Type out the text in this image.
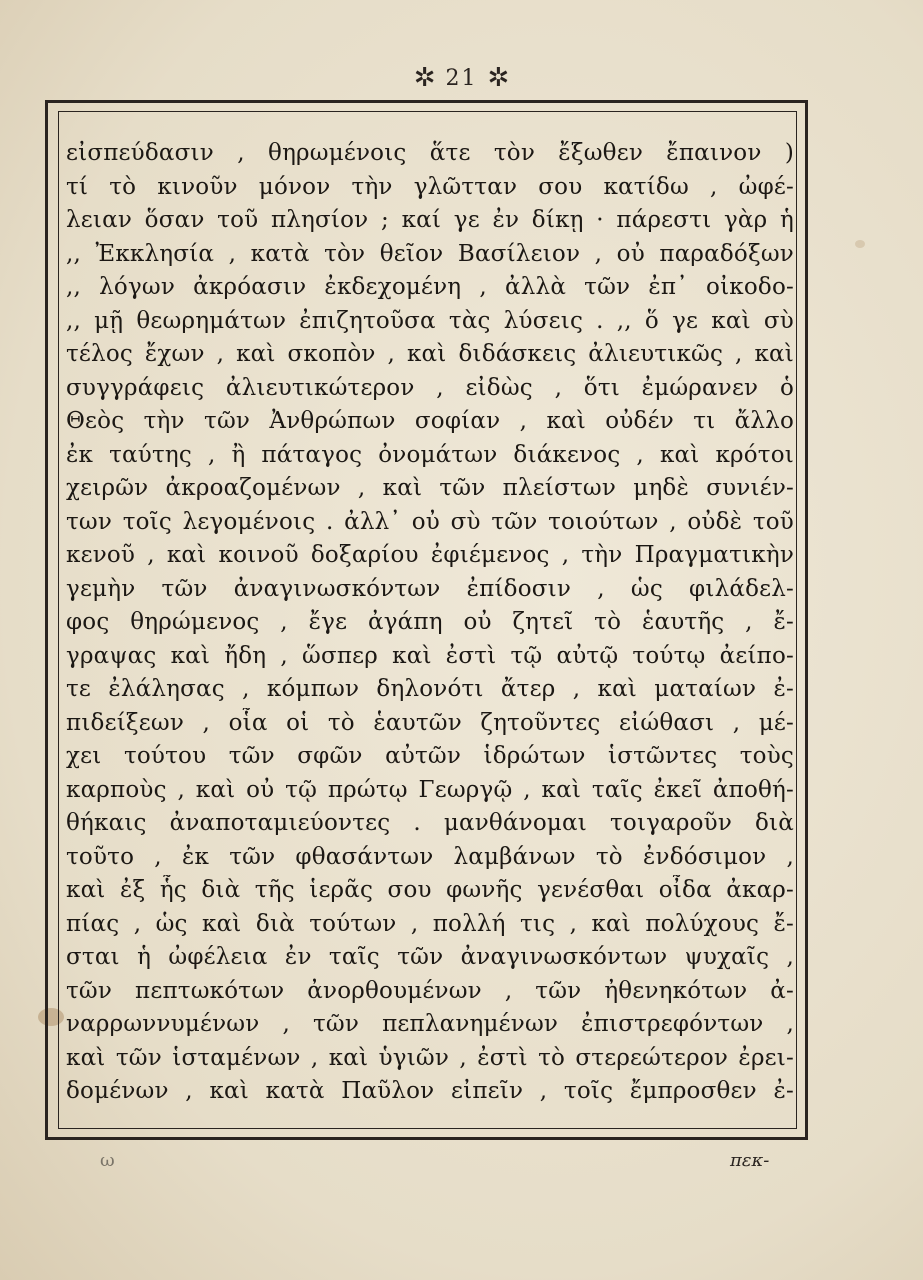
✲ 21 ✲
εἰσπεύδασιν , θηρωμένοις ἅτε τὸν ἔξωθεν ἔπαινον )
τί τὸ κινοῦν μόνον τὴν γλῶτταν σου κατίδω , ὠφέ-
λειαν ὅσαν τοῦ πλησίον ; καί γε ἐν δίκῃ · πάρεστι γὰρ ἡ
,, Ἐκκλησία , κατὰ τὸν θεῖον Βασίλειον , οὐ παραδόξων
,, λόγων ἀκρόασιν ἐκδεχομένη , ἀλλὰ τῶν ἐπ᾽ οἰκοδο-
,, μῇ θεωρημάτων ἐπιζητοῦσα τὰς λύσεις . ,, ὅ γε καὶ σὺ
τέλος ἔχων , καὶ σκοπὸν , καὶ διδάσκεις ἀλιευτικῶς , καὶ
συγγράφεις ἀλιευτικώτερον , εἰδὼς , ὅτι ἐμώρανεν ὁ
Θεὸς τὴν τῶν Ἀνθρώπων σοφίαν , καὶ οὐδέν τι ἄλλο
ἐκ ταύτης , ἢ πάταγος ὀνομάτων διάκενος , καὶ κρότοι
χειρῶν ἀκροαζομένων , καὶ τῶν πλείστων μηδὲ συνιέν-
των τοῖς λεγομένοις . ἀλλ᾽ οὐ σὺ τῶν τοιούτων , οὐδὲ τοῦ
κενοῦ , καὶ κοινοῦ δοξαρίου ἐφιέμενος , τὴν Πραγματικὴν
γεμὴν τῶν ἀναγινωσκόντων ἐπίδοσιν , ὡς φιλάδελ-
φος θηρώμενος , ἔγε ἀγάπη οὐ ζητεῖ τὸ ἑαυτῆς , ἔ-
γραψας καὶ ἤδη , ὥσπερ καὶ ἐστὶ τῷ αὐτῷ τούτῳ ἀείπο-
τε ἐλάλησας , κόμπων δηλονότι ἄτερ , καὶ ματαίων ἐ-
πιδείξεων , οἷα οἱ τὸ ἑαυτῶν ζητοῦντες εἰώθασι , μέ-
χει τούτου τῶν σφῶν αὐτῶν ἱδρώτων ἱστῶντες τοὺς
καρποὺς , καὶ οὐ τῷ πρώτῳ Γεωργῷ , καὶ ταῖς ἐκεῖ ἀποθή-
θήκαις ἀναποταμιεύοντες . μανθάνομαι τοιγαροῦν διὰ
τοῦτο , ἐκ τῶν φθασάντων λαμβάνων τὸ ἐνδόσιμον ,
καὶ ἐξ ἧς διὰ τῆς ἱερᾶς σου φωνῆς γενέσθαι οἶδα ἀκαρ-
πίας , ὡς καὶ διὰ τούτων , πολλή τις , καὶ πολύχους ἔ-
σται ἡ ὠφέλεια ἐν ταῖς τῶν ἀναγινωσκόντων ψυχαῖς ,
τῶν πεπτωκότων ἀνορθουμένων , τῶν ἠθενηκότων ἀ-
ναρρωννυμένων , τῶν πεπλανημένων ἐπιστρεφόντων ,
καὶ τῶν ἱσταμένων , καὶ ὑγιῶν , ἐστὶ τὸ στερεώτερον ἐρει-
δομένων , καὶ κατὰ Παῦλον εἰπεῖν , τοῖς ἔμπροσθεν ἐ-
ω	πεκ-
